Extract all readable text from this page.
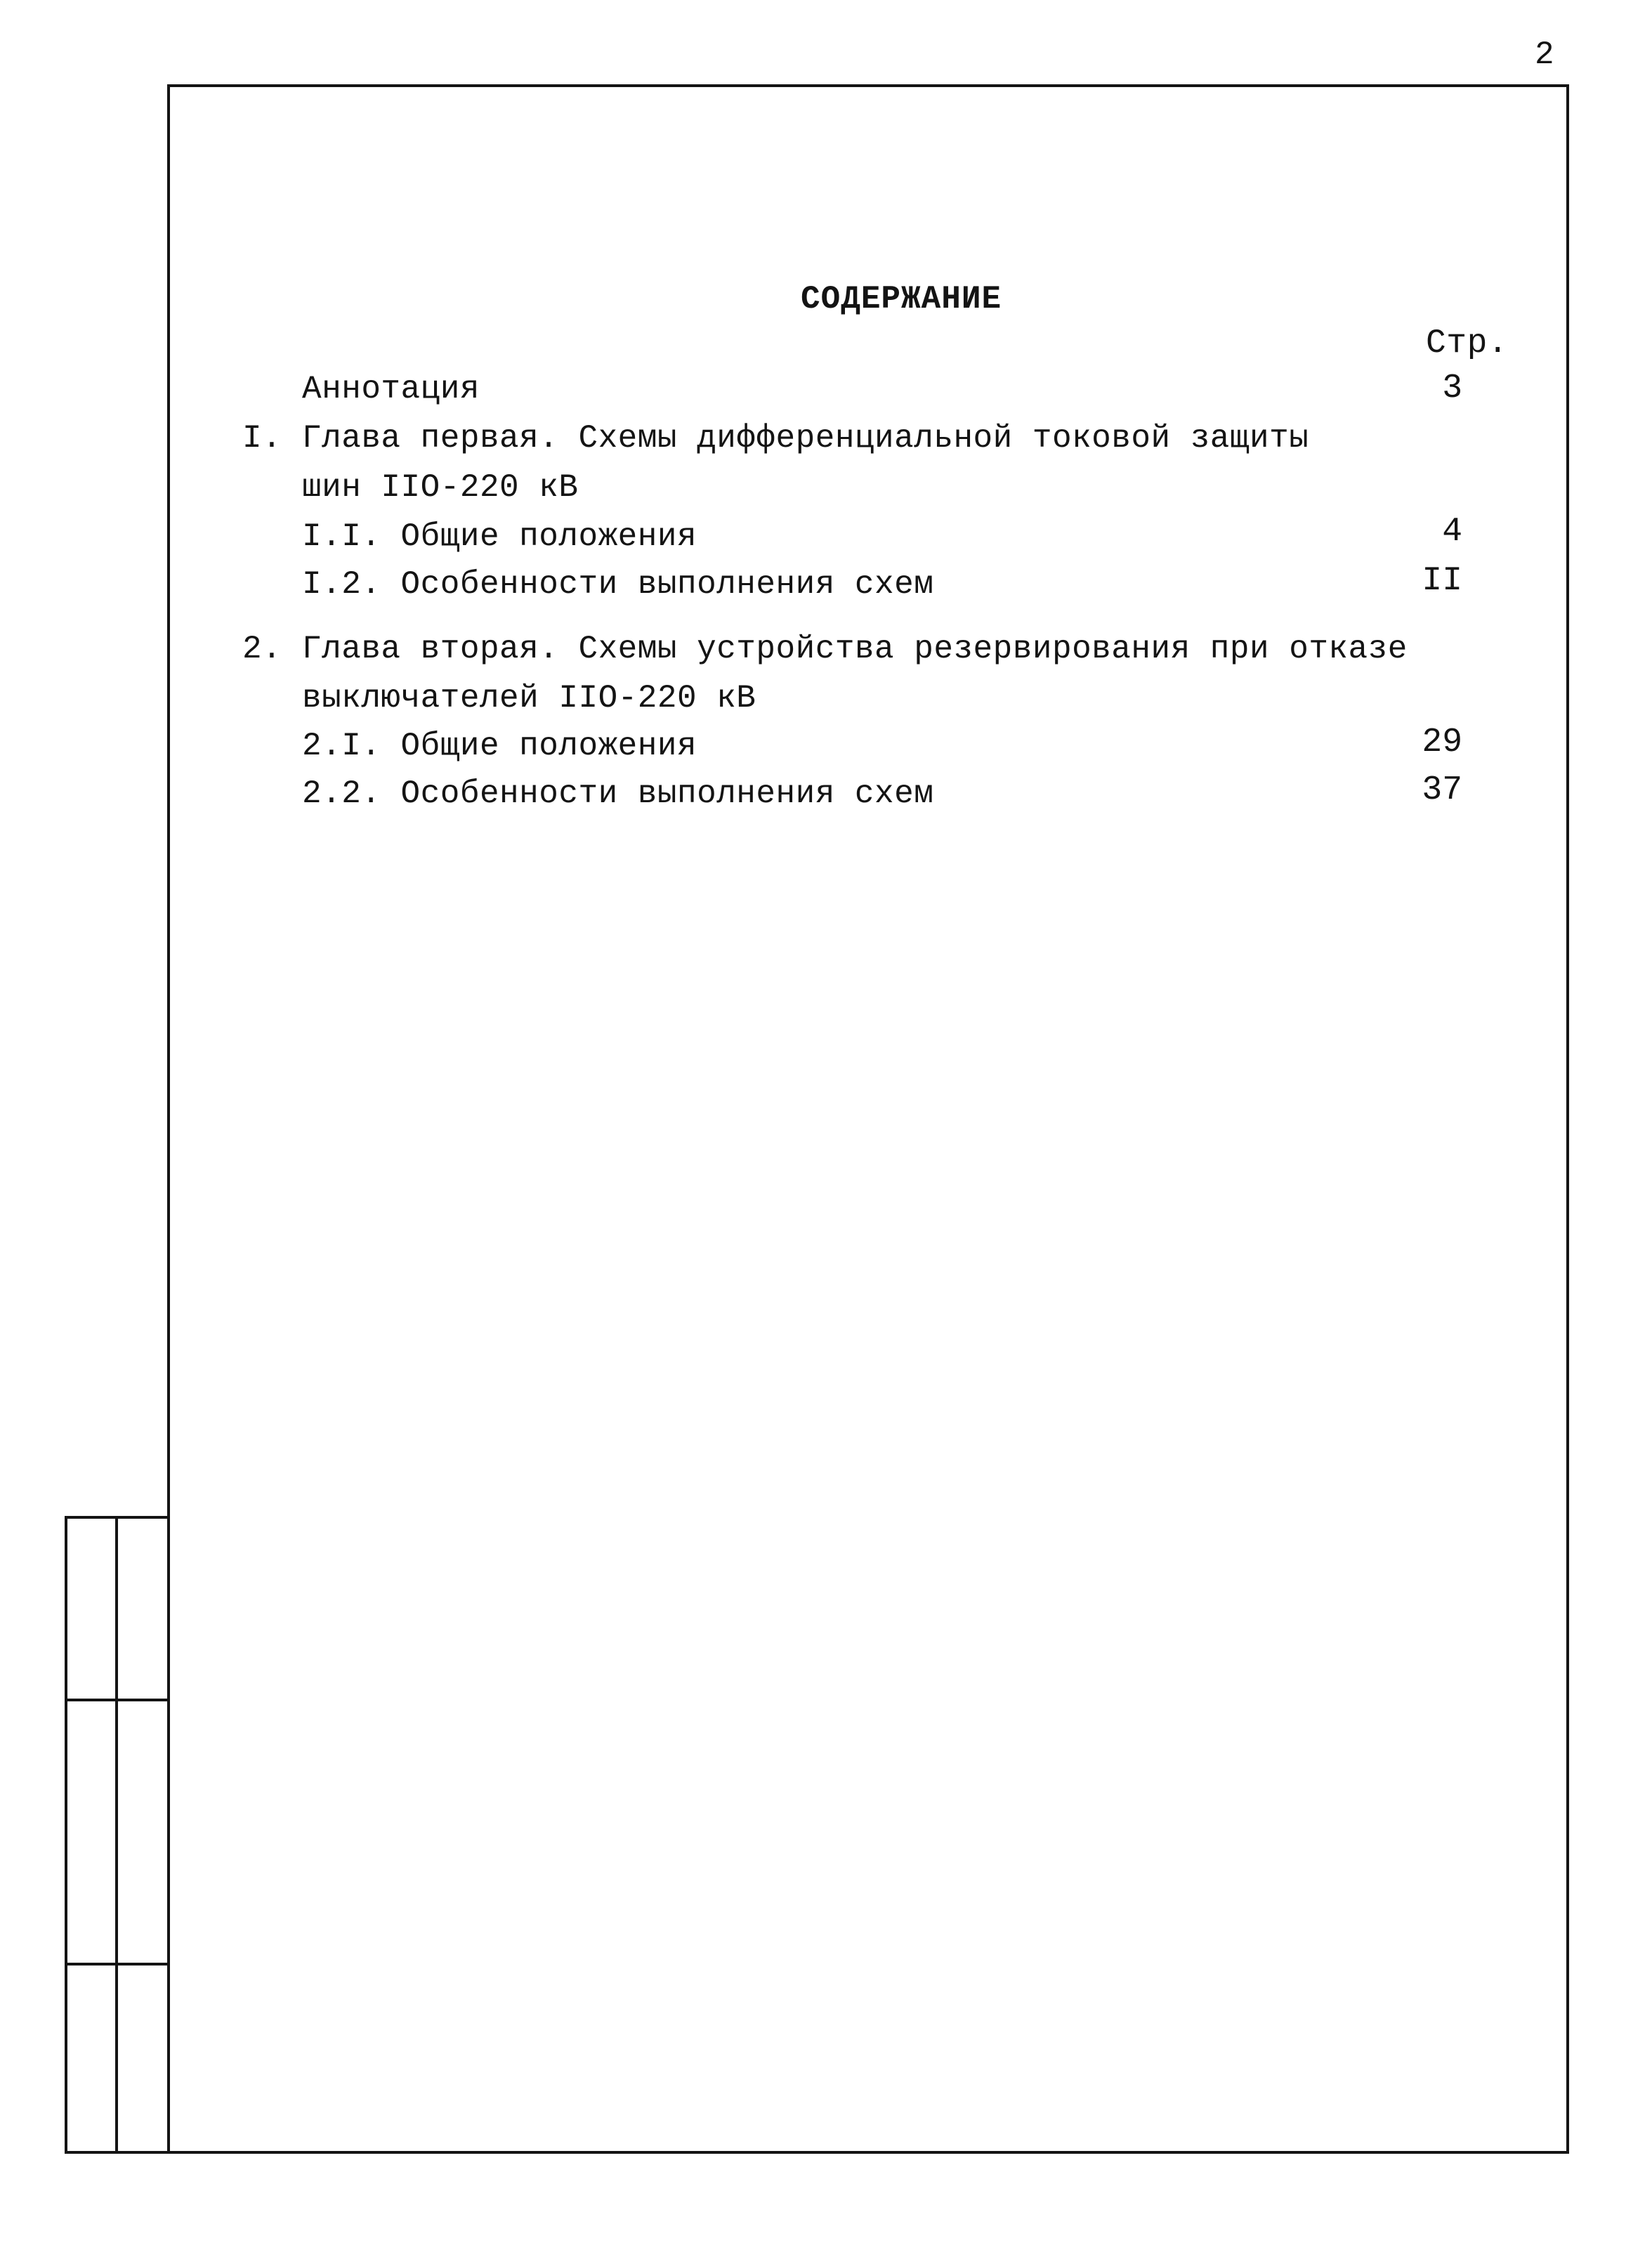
2
СОДЕРЖАНИЕ
Стр.
Аннотация	3
I. Глава первая. Схемы дифференциальной токовой защиты
шин IIO-220 кВ
I.I. Общие положения	4
I.2. Особенности выполнения схем	II
2. Глава вторая. Схемы устройства резервирования при отказе
выключателей IIO-220 кВ
2.I. Общие положения	29
2.2. Особенности выполнения схем	37
